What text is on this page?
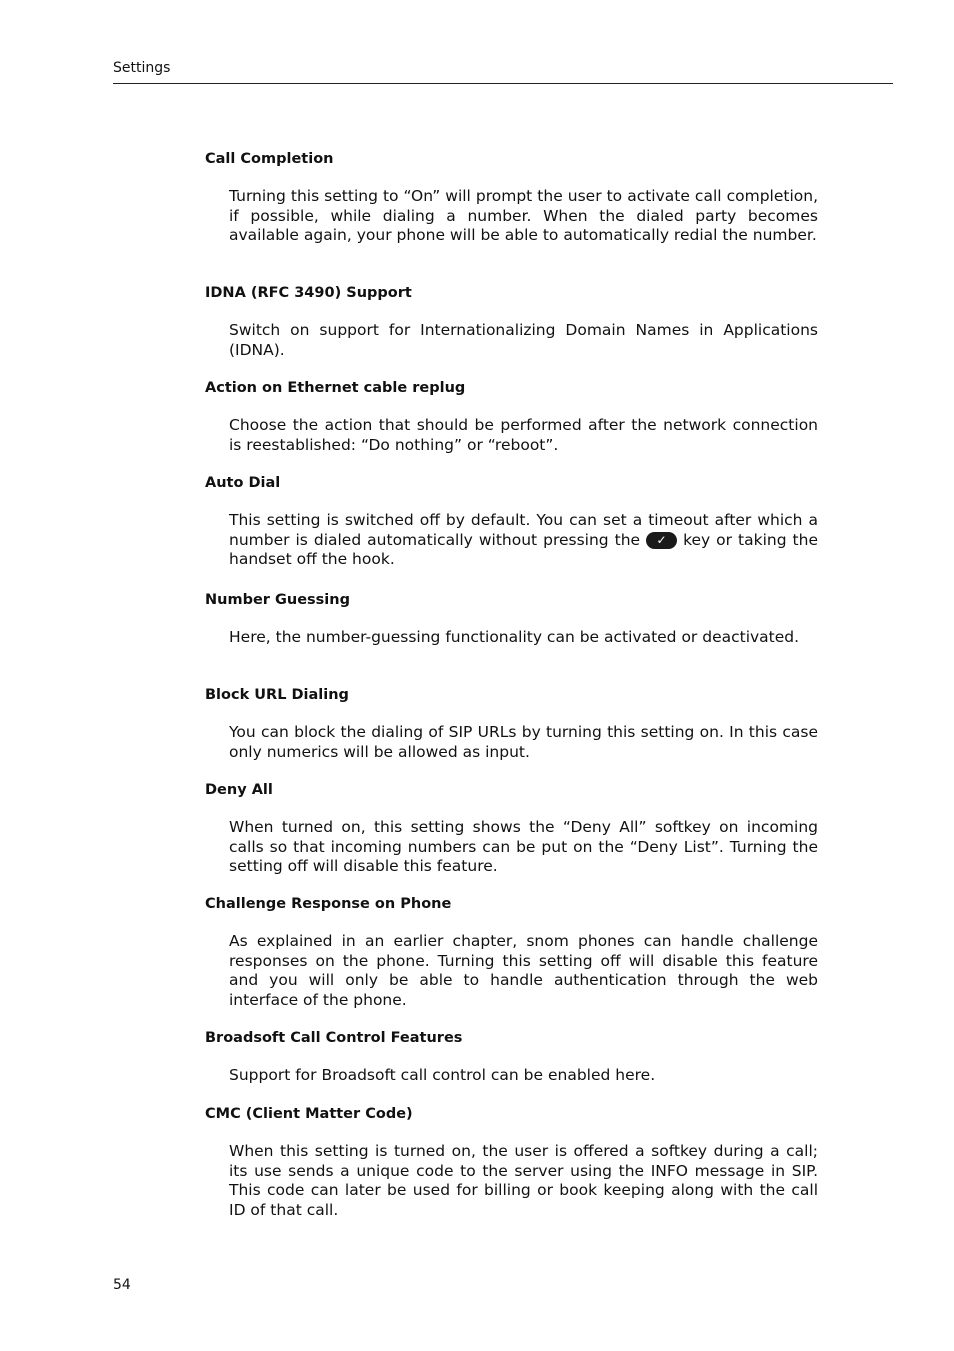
Settings

Call Completion

Turning this setting to “On” will prompt the user to activate call completion, if possible, while dialing a number. When the dialed party becomes available again, your phone will be able to automatically redial the number.

IDNA (RFC 3490) Support

Switch on support for Internationalizing Domain Names in Applications (IDNA).

Action on Ethernet cable replug

Choose the action that should be performed after the network connection is reestablished: “Do nothing” or “reboot”.

Auto Dial

This setting is switched off by default. You can set a timeout after which a number is dialed automatically without pressing the ✓ key or taking the handset off the hook.

Number Guessing

Here, the number-guessing functionality can be activated or deactivated.

Block URL Dialing

You can block the dialing of SIP URLs by turning this setting on. In this case only numerics will be allowed as input.

Deny All

When turned on, this setting shows the “Deny All” softkey on incoming calls so that incoming numbers can be put on the “Deny List”. Turning the setting off will disable this feature.

Challenge Response on Phone

As explained in an earlier chapter, snom phones can handle challenge responses on the phone. Turning this setting off will disable this feature and you will only be able to handle authentication through the web interface of the phone.

Broadsoft Call Control Features

Support for Broadsoft call control can be enabled here.

CMC (Client Matter Code)

When this setting is turned on, the user is offered a softkey during a call; its use sends a unique code to the server using the INFO message in SIP. This code can later be used for billing or book keeping along with the call ID of that call.

54
